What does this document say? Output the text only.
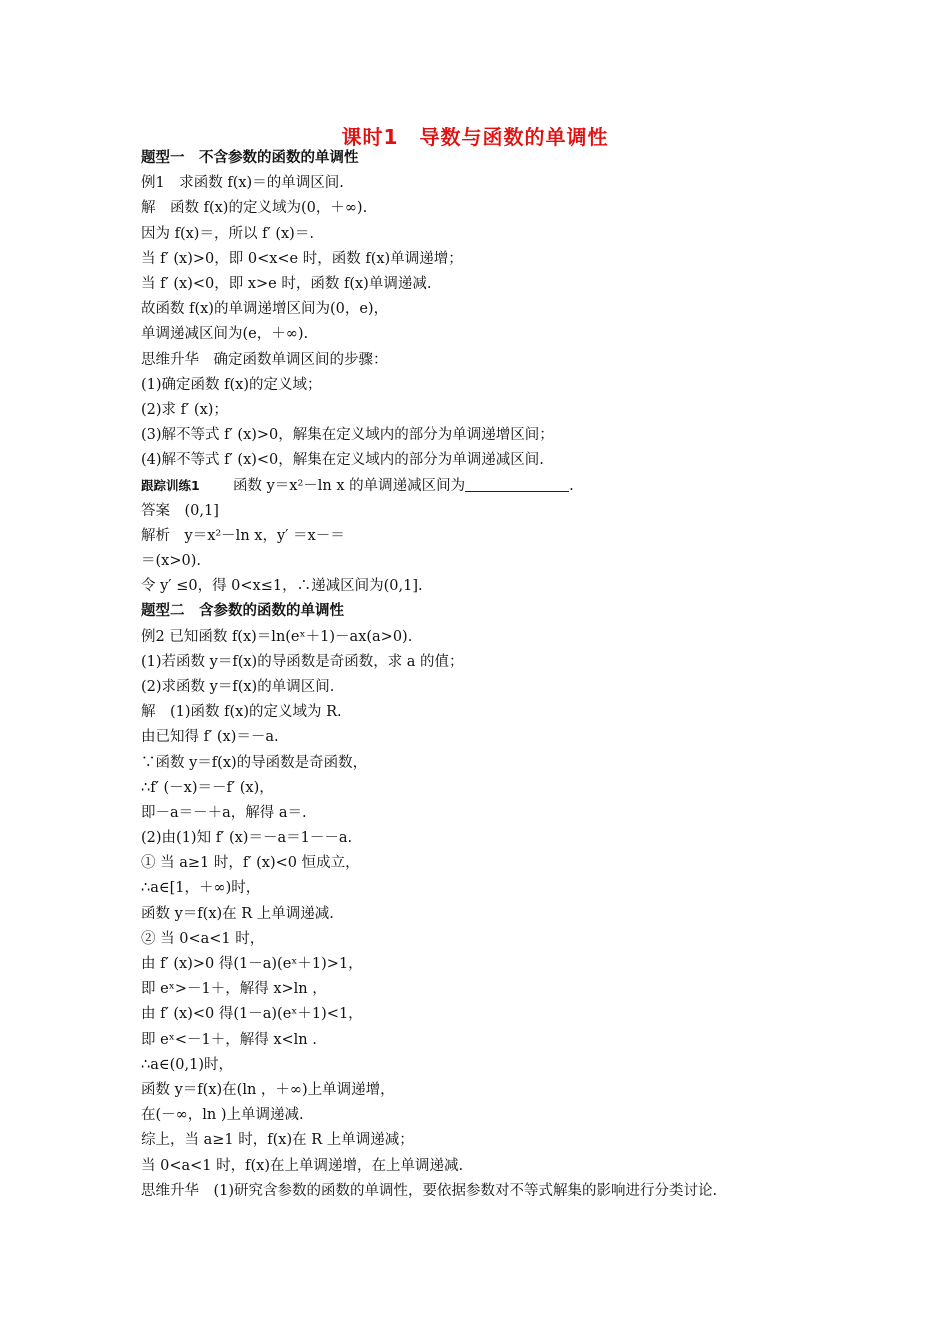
课时1　导数与函数的单调性
题型一　不含参数的函数的单调性
例1　求函数 f(x)＝的单调区间.
解　函数 f(x)的定义域为(0，＋∞).
因为 f(x)＝，所以 f′ (x)＝.
当 f′ (x)>0，即 0<x<e 时，函数 f(x)单调递增；
当 f′ (x)<0，即 x>e 时，函数 f(x)单调递减.
故函数 f(x)的单调递增区间为(0，e)，
单调递减区间为(e，＋∞).
思维升华　确定函数单调区间的步骤：
(1)确定函数 f(x)的定义域；
(2)求 f′ (x)；
(3)解不等式 f′ (x)>0，解集在定义域内的部分为单调递增区间；
(4)解不等式 f′ (x)<0，解集在定义域内的部分为单调递减区间.
跟踪训练1 函数 y＝x²－ln x 的单调递减区间为	.
答案　(0,1]
解析　y＝x²－ln x，y′ ＝x－＝
＝(x>0).
令 y′ ≤0，得 0<x≤1，∴递减区间为(0,1].
题型二　含参数的函数的单调性
例2 已知函数 f(x)＝ln(eˣ＋1)－ax(a>0).
(1)若函数 y＝f(x)的导函数是奇函数，求 a 的值；
(2)求函数 y＝f(x)的单调区间.
解　(1)函数 f(x)的定义域为 R.
由已知得 f′ (x)＝－a.
∵函数 y＝f(x)的导函数是奇函数，
∴f′ (－x)＝－f′ (x)，
即－a＝－＋a，解得 a＝.
(2)由(1)知 f′ (x)＝－a＝1－－a.
① 当 a≥1 时，f′ (x)<0 恒成立，
∴a∈[1，＋∞)时，
函数 y＝f(x)在 R 上单调递减.
② 当 0<a<1 时，
由 f′ (x)>0 得(1－a)(eˣ＋1)>1，
即 eˣ>－1＋，解得 x>ln ，
由 f′ (x)<0 得(1－a)(eˣ＋1)<1，
即 eˣ<－1＋，解得 x<ln .
∴a∈(0,1)时，
函数 y＝f(x)在(ln ，＋∞)上单调递增，
在(－∞，ln )上单调递减.
综上，当 a≥1 时，f(x)在 R 上单调递减；
当 0<a<1 时，f(x)在上单调递增，在上单调递减.
思维升华　(1)研究含参数的函数的单调性，要依据参数对不等式解集的影响进行分类讨论.
